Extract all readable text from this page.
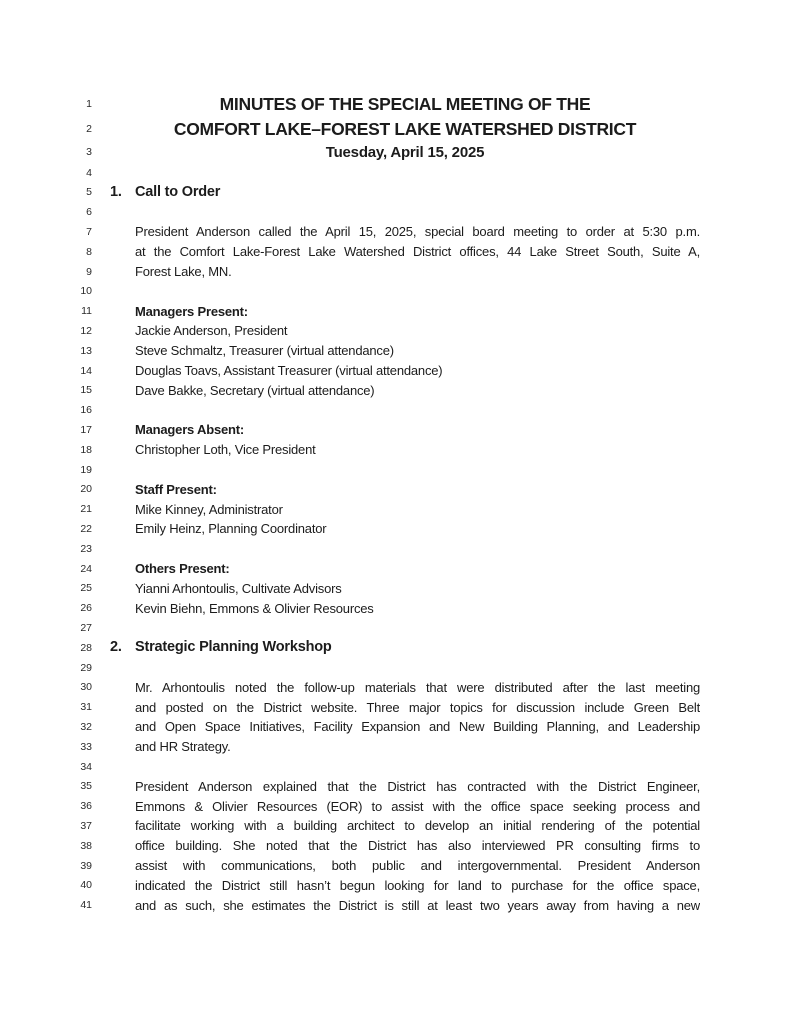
1	MINUTES OF THE SPECIAL MEETING OF THE
2	COMFORT LAKE–FOREST LAKE WATERSHED DISTRICT
3	Tuesday, April 15, 2025
4
5 1. Call to Order
6
7	President Anderson called the April 15, 2025, special board meeting to order at 5:30 p.m.
8	at the Comfort Lake-Forest Lake Watershed District offices, 44 Lake Street South, Suite A,
9	Forest Lake, MN.
10
11	Managers Present:
12	Jackie Anderson, President
13	Steve Schmaltz, Treasurer (virtual attendance)
14	Douglas Toavs, Assistant Treasurer (virtual attendance)
15	Dave Bakke, Secretary (virtual attendance)
16
17	Managers Absent:
18	Christopher Loth, Vice President
19
20	Staff Present:
21	Mike Kinney, Administrator
22	Emily Heinz, Planning Coordinator
23
24	Others Present:
25	Yianni Arhontoulis, Cultivate Advisors
26	Kevin Biehn, Emmons & Olivier Resources
27
28 2. Strategic Planning Workshop
29
30	Mr. Arhontoulis noted the follow-up materials that were distributed after the last meeting
31	and posted on the District website. Three major topics for discussion include Green Belt
32	and Open Space Initiatives, Facility Expansion and New Building Planning, and Leadership
33	and HR Strategy.
34
35	President Anderson explained that the District has contracted with the District Engineer,
36	Emmons & Olivier Resources (EOR) to assist with the office space seeking process and
37	facilitate working with a building architect to develop an initial rendering of the potential
38	office building. She noted that the District has also interviewed PR consulting firms to
39	assist with communications, both public and intergovernmental. President Anderson
40	indicated the District still hasn’t begun looking for land to purchase for the office space,
41	and as such, she estimates the District is still at least two years away from having a new
